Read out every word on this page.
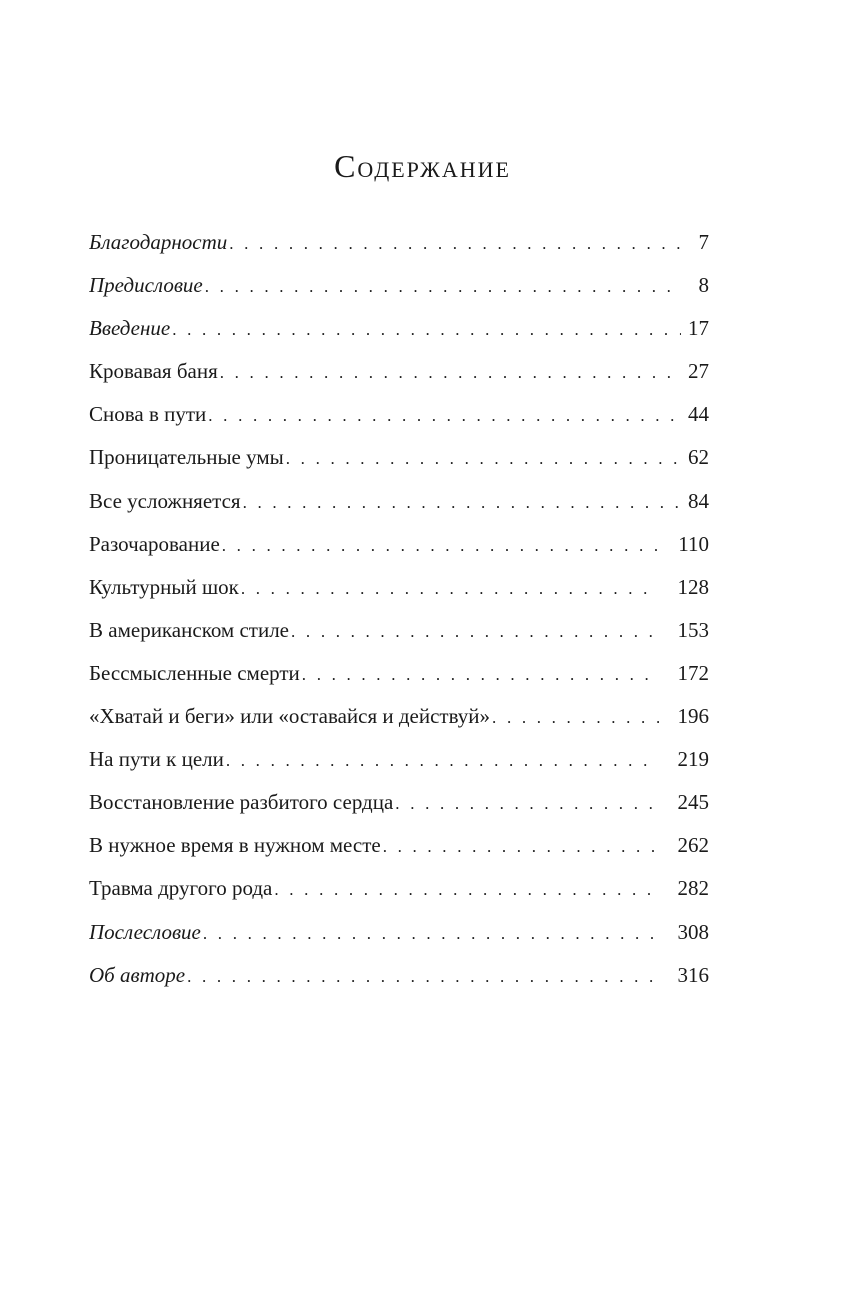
Содержание
Благодарности . . .	7
Предисловие . . .	8
Введение . . .	17
Кровавая баня . . .	27
Снова в пути . . .	44
Проницательные умы . . .	62
Все усложняется . . .	84
Разочарование . . .	110
Культурный шок . . .	128
В американском стиле . . .	153
Бессмысленные смерти . . .	172
«Хватай и беги» или «оставайся и действуй» . . .	196
На пути к цели . . .	219
Восстановление разбитого сердца . . .	245
В нужное время в нужном месте . . .	262
Травма другого рода . . .	282
Послесловие . . .	308
Об авторе . . .	316
